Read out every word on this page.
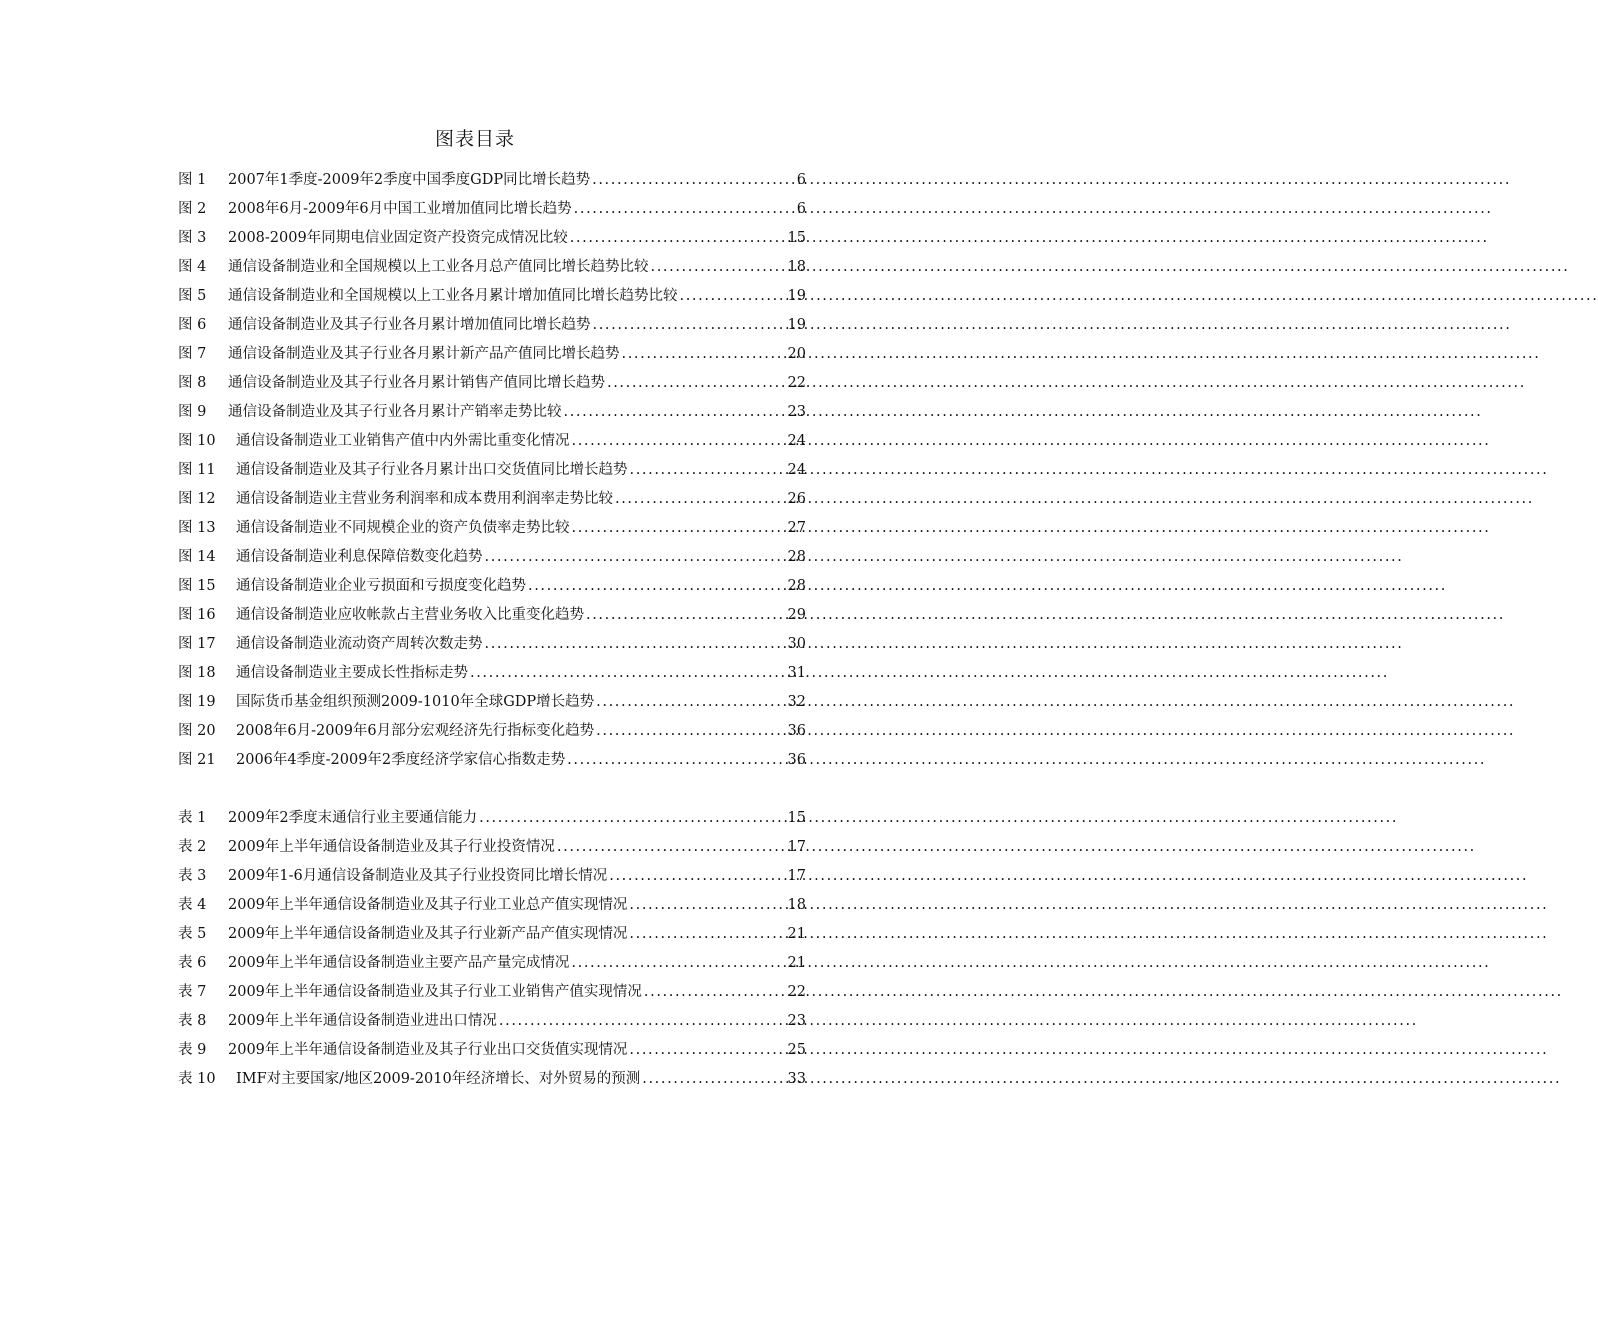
图表目录
图 1	2007年1季度-2009年2季度中国季度GDP同比增长趋势 .....	6
图 2	2008年6月-2009年6月中国工业增加值同比增长趋势 .....	6
图 3	2008-2009年同期电信业固定资产投资完成情况比较 .....	15
图 4	通信设备制造业和全国规模以上工业各月总产值同比增长趋势比较 .....	18
图 5	通信设备制造业和全国规模以上工业各月累计增加值同比增长趋势比较 .....	19
图 6	通信设备制造业及其子行业各月累计增加值同比增长趋势 .....	19
图 7	通信设备制造业及其子行业各月累计新产品产值同比增长趋势 .....	20
图 8	通信设备制造业及其子行业各月累计销售产值同比增长趋势 .....	22
图 9	通信设备制造业及其子行业各月累计产销率走势比较 .....	23
图 10	通信设备制造业工业销售产值中内外需比重变化情况 .....	24
图 11	通信设备制造业及其子行业各月累计出口交货值同比增长趋势 .....	24
图 12	通信设备制造业主营业务利润率和成本费用利润率走势比较 .....	26
图 13	通信设备制造业不同规模企业的资产负债率走势比较 .....	27
图 14	通信设备制造业利息保障倍数变化趋势 .....	28
图 15	通信设备制造业企业亏损面和亏损度变化趋势 .....	28
图 16	通信设备制造业应收帐款占主营业务收入比重变化趋势 .....	29
图 17	通信设备制造业流动资产周转次数走势 .....	30
图 18	通信设备制造业主要成长性指标走势 .....	31
图 19	国际货币基金组织预测2009-1010年全球GDP增长趋势 .....	32
图 20	2008年6月-2009年6月部分宏观经济先行指标变化趋势 .....	36
图 21	2006年4季度-2009年2季度经济学家信心指数走势 .....	36
表 1	2009年2季度末通信行业主要通信能力 .....	15
表 2	2009年上半年通信设备制造业及其子行业投资情况 .....	17
表 3	2009年1-6月通信设备制造业及其子行业投资同比增长情况 .....	17
表 4	2009年上半年通信设备制造业及其子行业工业总产值实现情况 .....	18
表 5	2009年上半年通信设备制造业及其子行业新产品产值实现情况 .....	21
表 6	2009年上半年通信设备制造业主要产品产量完成情况 .....	21
表 7	2009年上半年通信设备制造业及其子行业工业销售产值实现情况 .....	22
表 8	2009年上半年通信设备制造业进出口情况 .....	23
表 9	2009年上半年通信设备制造业及其子行业出口交货值实现情况 .....	25
表 10	IMF对主要国家/地区2009-2010年经济增长、对外贸易的预测 .....	33
